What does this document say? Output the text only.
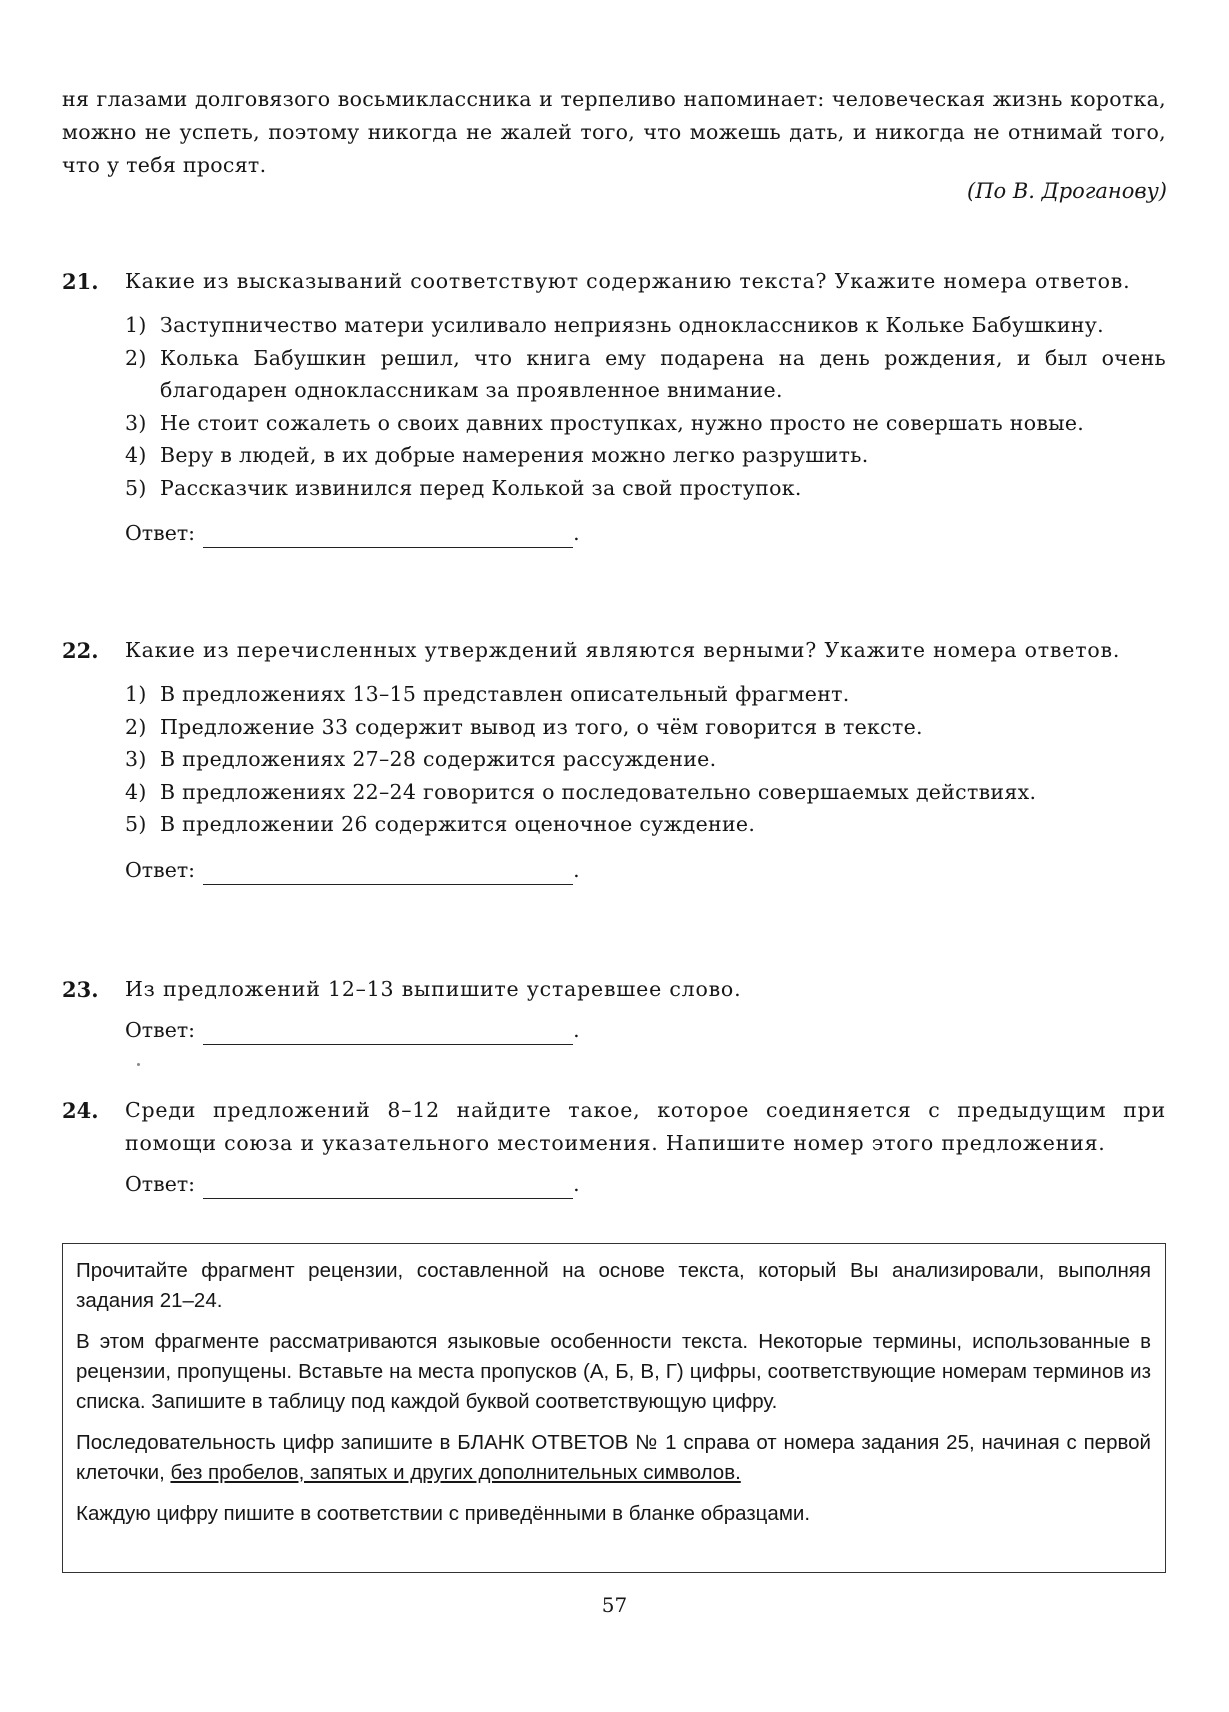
ня глазами долговязого восьмиклассника и терпеливо напоминает: человеческая жизнь коротка, можно не успеть, поэтому никогда не жалей того, что можешь дать, и никогда не отнимай того, что у тебя просят.
(По В. Дроганову)
21. Какие из высказываний соответствуют содержанию текста? Укажите номера ответов.
1) Заступничество матери усиливало неприязнь одноклассников к Кольке Бабушкину.
2) Колька Бабушкин решил, что книга ему подарена на день рождения, и был очень благодарен одноклассникам за проявленное внимание.
3) Не стоит сожалеть о своих давних проступках, нужно просто не совершать новые.
4) Веру в людей, в их добрые намерения можно легко разрушить.
5) Рассказчик извинился перед Колькой за свой проступок.
Ответ:	.
22. Какие из перечисленных утверждений являются верными? Укажите номера ответов.
1) В предложениях 13–15 представлен описательный фрагмент.
2) Предложение 33 содержит вывод из того, о чём говорится в тексте.
3) В предложениях 27–28 содержится рассуждение.
4) В предложениях 22–24 говорится о последовательно совершаемых действиях.
5) В предложении 26 содержится оценочное суждение.
Ответ:	.
23. Из предложений 12–13 выпишите устаревшее слово.
Ответ:	.
24. Среди предложений 8–12 найдите такое, которое соединяется с предыдущим при помощи союза и указательного местоимения. Напишите номер этого предложения.
Ответ:	.

Прочитайте фрагмент рецензии, составленной на основе текста, который Вы анализировали, выполняя задания 21–24.

В этом фрагменте рассматриваются языковые особенности текста. Некоторые термины, использованные в рецензии, пропущены. Вставьте на места пропусков (А, Б, В, Г) цифры, соответствующие номерам терминов из списка. Запишите в таблицу под каждой буквой соответствующую цифру.

Последовательность цифр запишите в БЛАНК ОТВЕТОВ № 1 справа от номера задания 25, начиная с первой клеточки, без пробелов, запятых и других дополнительных символов.

Каждую цифру пишите в соответствии с приведёнными в бланке образцами.

57
